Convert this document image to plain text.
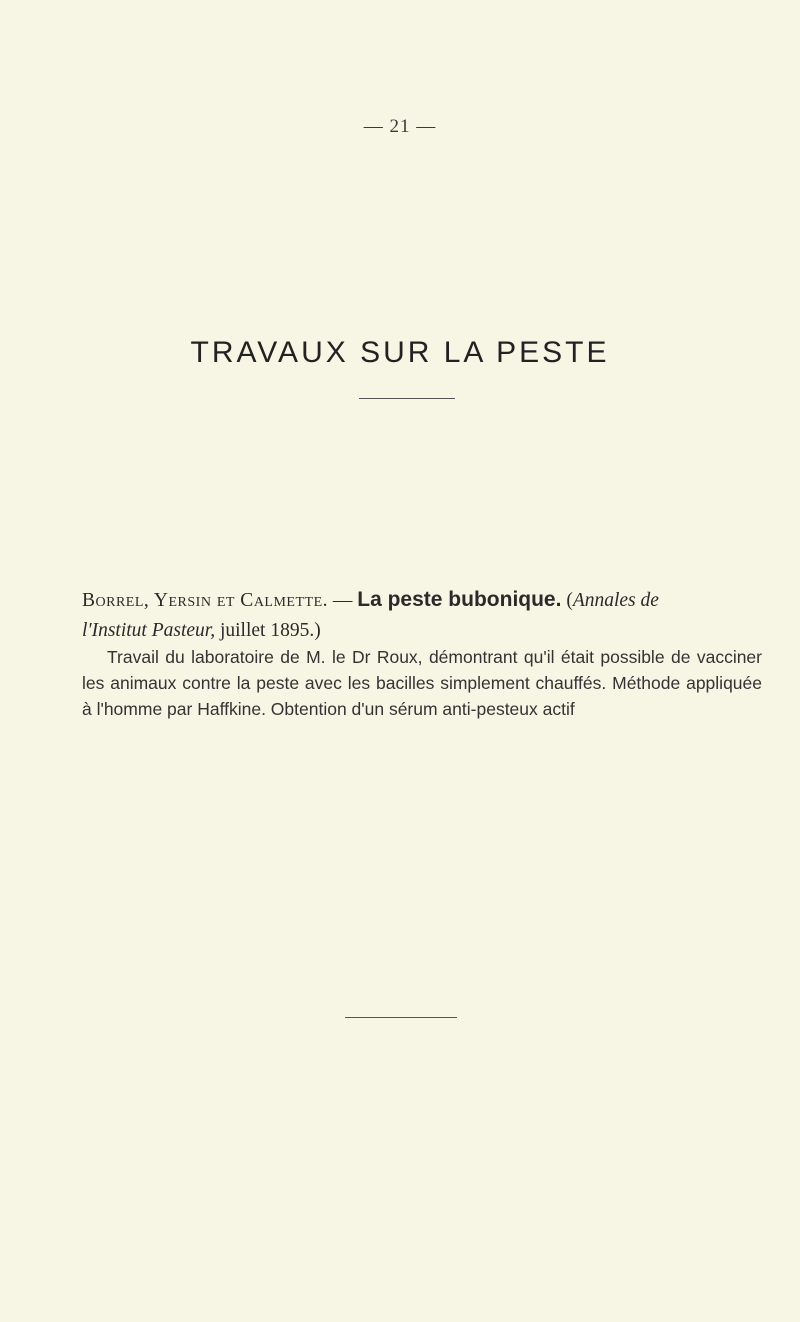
— 21 —
TRAVAUX SUR LA PESTE
Borrel, Yersin et Calmette. — La peste bubonique. (Annales de l'Institut Pasteur, juillet 1895.)
Travail du laboratoire de M. le Dr Roux, démontrant qu'il était possible de vacciner les animaux contre la peste avec les bacilles simplement chauffés. Méthode appliquée à l'homme par Haffkine. Obtention d'un sérum anti-pesteux actif
